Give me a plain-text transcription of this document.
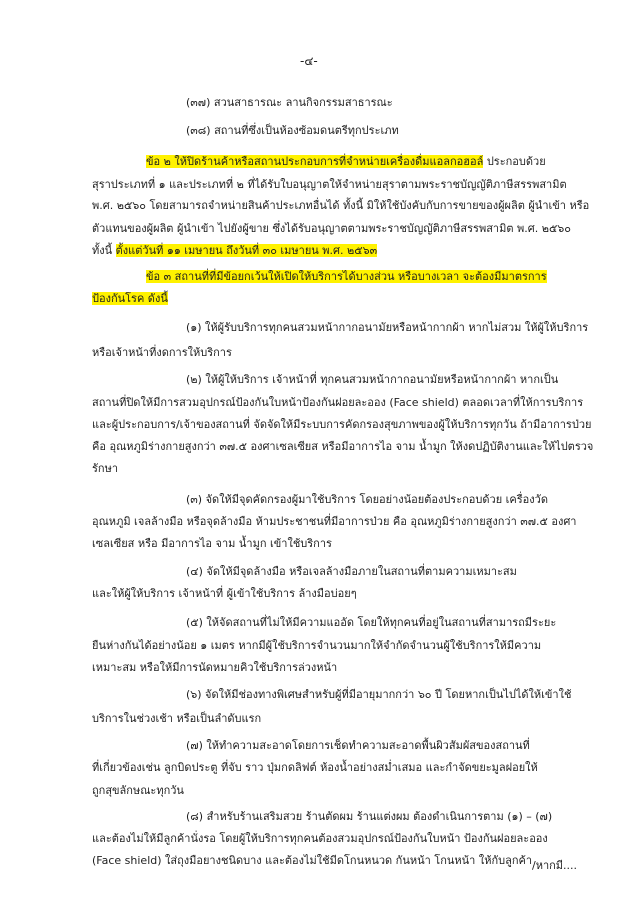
-๔-
(๓๗) สวนสาธารณะ ลานกิจกรรมสาธารณะ
(๓๘) สถานที่ซึ่งเป็นห้องซ้อมดนตรีทุกประเภท
ข้อ ๒ ให้ปิดร้านค้าหรือสถานประกอบการที่จำหน่ายเครื่องดื่มแอลกอฮอล์ ประกอบด้วย
สุราประเภทที่ ๑ และประเภทที่ ๒ ที่ได้รับใบอนุญาตให้จำหน่ายสุราตามพระราชบัญญัติภาษีสรรพสามิต
พ.ศ. ๒๕๖๐ โดยสามารถจำหน่ายสินค้าประเภทอื่นได้ ทั้งนี้ มิให้ใช้บังคับกับการขายของผู้ผลิต ผู้นำเข้า หรือ
ตัวแทนของผู้ผลิต ผู้นำเข้า ไปยังผู้ขาย ซึ่งได้รับอนุญาตตามพระราชบัญญัติภาษีสรรพสามิต พ.ศ. ๒๕๖๐
ทั้งนี้ ตั้งแต่วันที่ ๑๑ เมษายน ถึงวันที่ ๓๐ เมษายน พ.ศ. ๒๕๖๓
ข้อ ๓ สถานที่ที่มีข้อยกเว้นให้เปิดให้บริการได้บางส่วน หรือบางเวลา จะต้องมีมาตรการ
ป้องกันโรค ดังนี้
(๑) ให้ผู้รับบริการทุกคนสวมหน้ากากอนามัยหรือหน้ากากผ้า หากไม่สวม ให้ผู้ให้บริการ
หรือเจ้าหน้าที่งดการให้บริการ
(๒) ให้ผู้ให้บริการ เจ้าหน้าที่ ทุกคนสวมหน้ากากอนามัยหรือหน้ากากผ้า หากเป็น
สถานที่ปิดให้มีการสวมอุปกรณ์ป้องกันใบหน้าป้องกันฝอยละออง (Face shield) ตลอดเวลาที่ให้การบริการ
และผู้ประกอบการ/เจ้าของสถานที่ จัดจัดให้มีระบบการคัดกรองสุขภาพของผู้ให้บริการทุกวัน ถ้ามีอาการป่วย
คือ อุณหภูมิร่างกายสูงกว่า ๓๗.๕ องศาเซลเซียส หรือมีอาการไอ จาม น้ำมูก ให้งดปฏิบัติงานและให้ไปตรวจ
รักษา
(๓) จัดให้มีจุดคัดกรองผู้มาใช้บริการ โดยอย่างน้อยต้องประกอบด้วย เครื่องวัด
อุณหภูมิ เจลล้างมือ หรือจุดล้างมือ ห้ามประชาชนที่มีอาการป่วย คือ อุณหภูมิร่างกายสูงกว่า ๓๗.๕ องศา
เซลเซียส หรือ มีอาการไอ จาม น้ำมูก เข้าใช้บริการ
(๔) จัดให้มีจุดล้างมือ หรือเจลล้างมือภายในสถานที่ตามความเหมาะสม
และให้ผู้ให้บริการ เจ้าหน้าที่ ผู้เข้าใช้บริการ ล้างมือบ่อยๆ
(๕) ให้จัดสถานที่ไม่ให้มีความแออัด โดยให้ทุกคนที่อยู่ในสถานที่สามารถมีระยะ
ยืนห่างกันได้อย่างน้อย ๑ เมตร หากมีผู้ใช้บริการจำนวนมากให้จำกัดจำนวนผู้ใช้บริการให้มีความ
เหมาะสม หรือให้มีการนัดหมายคิวใช้บริการล่วงหน้า
(๖) จัดให้มีช่องทางพิเศษสำหรับผู้ที่มีอายุมากกว่า ๖๐ ปี โดยหากเป็นไปได้ให้เข้าใช้
บริการในช่วงเช้า หรือเป็นลำดับแรก
(๗) ให้ทำความสะอาดโดยการเช็ดทำความสะอาดพื้นผิวสัมผัสของสถานที่
ที่เกี่ยวข้องเช่น ลูกบิดประตู ที่จับ ราว ปุ่มกดลิฟต์ ห้องน้ำอย่างสม่ำเสมอ และกำจัดขยะมูลฝอยให้
ถูกสุขลักษณะทุกวัน
(๘) สำหรับร้านเสริมสวย ร้านตัดผม ร้านแต่งผม ต้องดำเนินการตาม (๑) – (๗)
และต้องไม่ให้มีลูกค้านั่งรอ โดยผู้ให้บริการทุกคนต้องสวมอุปกรณ์ป้องกันใบหน้า ป้องกันฝอยละออง
(Face shield) ใส่ถุงมือยางชนิดบาง และต้องไม่ใช้มีดโกนหนวด กันหน้า โกนหน้า ให้กับลูกค้า /หากมี....
